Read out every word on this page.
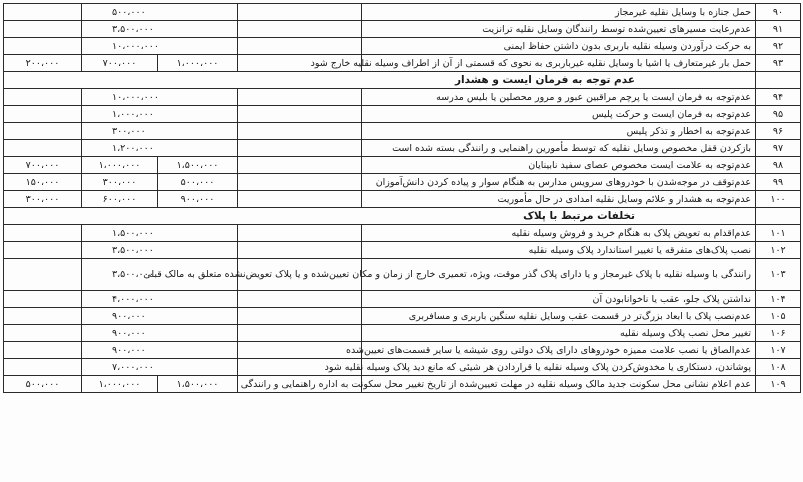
۹۰	حمل جنازه با وسایل نقلیه غیرمجاز		۵۰۰،۰۰۰			
۹۱	عدم‌رعایت مسیرهای تعیین‌شده توسط رانندگان وسایل نقلیه ترانزیت		۳،۵۰۰،۰۰۰			
۹۲	به حرکت درآوردن وسیله نقلیه باربری بدون داشتن حفاظ ایمنی		۱۰،۰۰۰،۰۰۰			
۹۳	حمل بار غیرمتعارف یا اشیا با وسایل نقلیه غیرباربری به نحوی که قسمتی از آن از اطراف وسیله نقلیه خارج شود		۱،۰۰۰،۰۰۰	۷۰۰،۰۰۰	۲۰۰،۰۰۰	
	عدم توجه به فرمان ایست و هشدار					
۹۴	عدم‌توجه به فرمان ایست یا پرچم مراقبین عبور و مرور محصلین یا بلیس مدرسه		۱۰،۰۰۰،۰۰۰			
۹۵	عدم‌توجه به فرمان ایست و حرکت پلیس		۱،۰۰۰،۰۰۰			
۹۶	عدم‌توجه به اخطار و تذکر پلیس		۳۰۰،۰۰۰			
۹۷	بازکردن قفل مخصوص وسایل نقلیه که توسط مأمورین راهنمایی و رانندگی بسته شده است		۱،۲۰۰،۰۰۰			
۹۸	عدم‌توجه به علامت ایست مخصوص عصای سفید نابینایان		۱،۵۰۰،۰۰۰	۱،۰۰۰،۰۰۰	۷۰۰،۰۰۰	
۹۹	عدم‌توقف در موجه‌شدن با خودروهای سرویس مدارس به هنگام سوار و پیاده کردن دانش‌آموزان		۵۰۰،۰۰۰	۳۰۰،۰۰۰	۱۵۰،۰۰۰	
۱۰۰	عدم‌توجه به هشدار و علائم وسایل نقلیه امدادی در حال مأموریت		۹۰۰،۰۰۰	۶۰۰،۰۰۰	۳۰۰،۰۰۰	
	تخلفات مرتبط با پلاک					
۱۰۱	عدم‌اقدام به تعویض پلاک به هنگام خرید و فروش وسیله نقلیه		۱،۵۰۰،۰۰۰			
۱۰۲	نصب پلاک‌های متفرقه یا تغییر استاندارد پلاک وسیله نقلیه		۳،۵۰۰،۰۰۰			
۱۰۳	رانندگی با وسیله نقلیه با پلاک غیرمجاز و یا دارای پلاک گذر موقت، ویژه، تعمیری خارج از زمان و مکان تعیین‌شده و یا پلاک تعویض‌نشده متعلق به مالک قبلی		۳،۵۰۰،۰۰۰			
۱۰۴	نداشتن پلاک جلو، عقب یا ناخوانابودن آن		۴،۰۰۰،۰۰۰			
۱۰۵	عدم‌نصب پلاک با ابعاد بزرگ‌تر در قسمت عقب وسایل نقلیه سنگین باربری و مسافربری		۹۰۰،۰۰۰			
۱۰۶	تغییر محل نصب پلاک وسیله نقلیه		۹۰۰،۰۰۰			
۱۰۷	عدم‌الصاق یا نصب علامت ممیزه خودروهای دارای پلاک دولتی روی شیشه یا سایر قسمت‌های تعیین‌شده		۹۰۰،۰۰۰			
۱۰۸	پوشاندن، دستکاری یا مخدوش‌کردن پلاک وسیله نقلیه یا قراردادن هر شیئی که مانع دید پلاک وسیله نقلیه شود		۷،۰۰۰،۰۰۰			
۱۰۹	عدم اعلام نشانی محل سکونت جدید مالک وسیله نقلیه در مهلت تعیین‌شده از تاریخ تغییر محل سکونت به اداره راهنمایی و رانندگی		۱،۵۰۰،۰۰۰	۱،۰۰۰،۰۰۰	۵۰۰،۰۰۰	
